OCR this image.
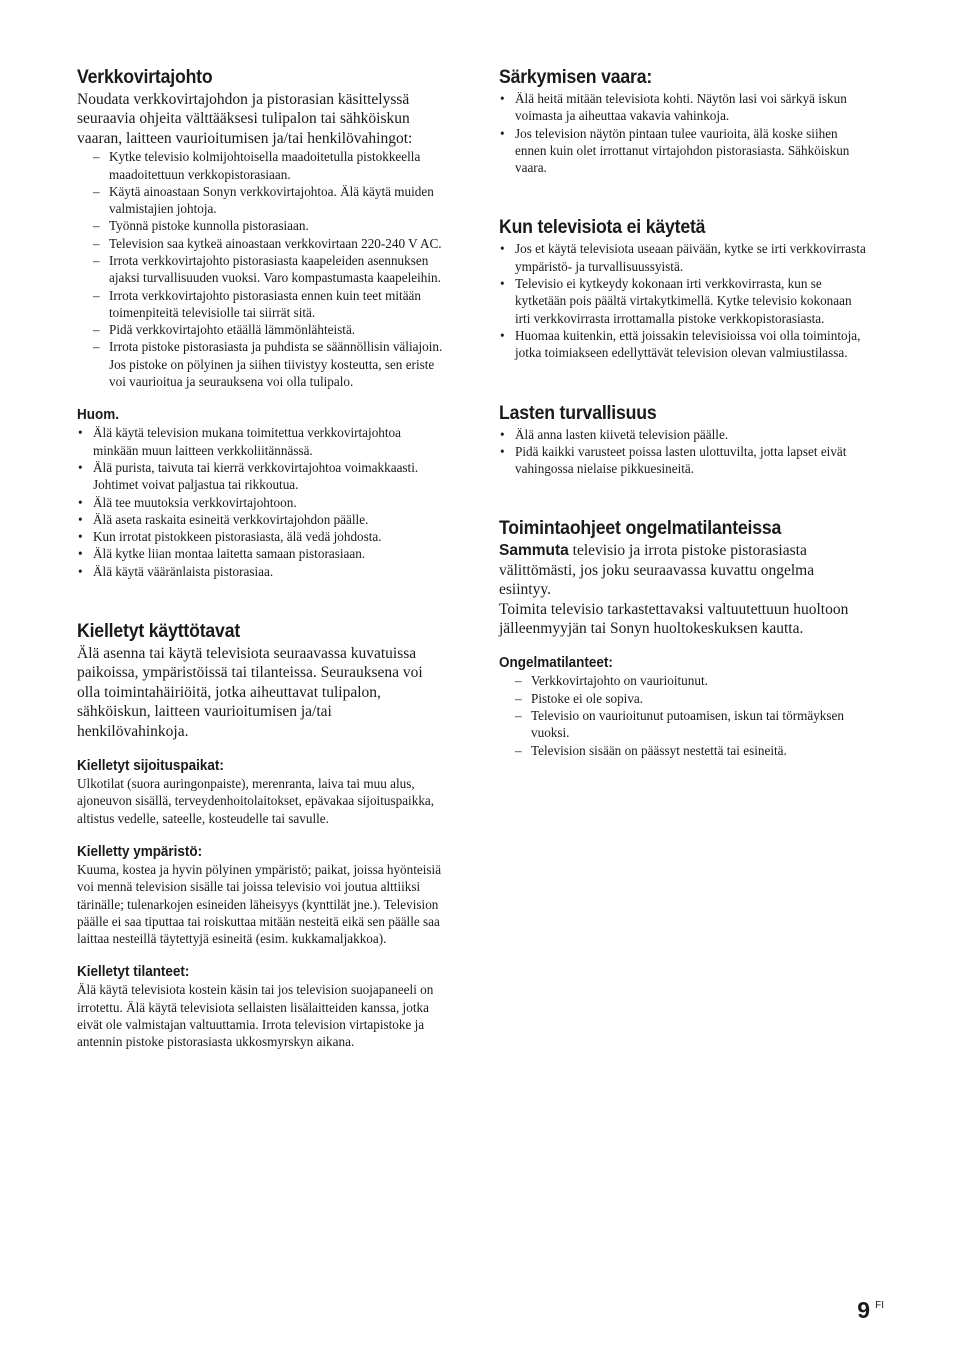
Verkkovirtajohto

Noudata verkkovirtajohdon ja pistorasian käsittelyssä seuraavia ohjeita välttääksesi tulipalon tai sähköiskun vaaran, laitteen vaurioitumisen ja/tai henkilövahingot:

– Kytke televisio kolmijohtoisella maadoitetulla pistokkeella maadoitettuun verkkopistorasiaan.
– Käytä ainoastaan Sonyn verkkovirtajohtoa. Älä käytä muiden valmistajien johtoja.
– Työnnä pistoke kunnolla pistorasiaan.
– Television saa kytkeä ainoastaan verkkovirtaan 220-240 V AC.
– Irrota verkkovirtajohto pistorasiasta kaapeleiden asennuksen ajaksi turvallisuuden vuoksi. Varo kompastumasta kaapeleihin.
– Irrota verkkovirtajohto pistorasiasta ennen kuin teet mitään toimenpiteitä televisiolle tai siirrät sitä.
– Pidä verkkovirtajohto etäällä lämmönlähteistä.
– Irrota pistoke pistorasiasta ja puhdista se säännöllisin väliajoin. Jos pistoke on pölyinen ja siihen tiivistyy kosteutta, sen eriste voi vaurioitua ja seurauksena voi olla tulipalo.
Huom.
• Älä käytä television mukana toimitettua verkkovirtajohtoa minkään muun laitteen verkkoliitännässä.
• Älä purista, taivuta tai kierrä verkkovirtajohtoa voimakkaasti. Johtimet voivat paljastua tai rikkoutua.
• Älä tee muutoksia verkkovirtajohtoon.
• Älä aseta raskaita esineitä verkkovirtajohdon päälle.
• Kun irrotat pistokkeen pistorasiasta, älä vedä johdosta.
• Älä kytke liian montaa laitetta samaan pistorasiaan.
• Älä käytä vääränlaista pistorasiaa.
Kielletyt käyttötavat

Älä asenna tai käytä televisiota seuraavassa kuvatuissa paikoissa, ympäristöissä tai tilanteissa. Seurauksena voi olla toimintahäiriöitä, jotka aiheuttavat tulipalon, sähköiskun, laitteen vaurioitumisen ja/tai henkilövahinkoja.

Kielletyt sijoituspaikat:

Ulkotilat (suora auringonpaiste), merenranta, laiva tai muu alus, ajoneuvon sisällä, terveydenhoitolaitokset, epävakaa sijoituspaikka, altistus vedelle, sateelle, kosteudelle tai savulle.

Kielletty ympäristö:

Kuuma, kostea ja hyvin pölyinen ympäristö; paikat, joissa hyönteisiä voi mennä television sisälle tai joissa televisio voi joutua alttiiksi tärinälle; tulenarkojen esineiden läheisyys (kynttilät jne.). Television päälle ei saa tiputtaa tai roiskuttaa mitään nesteitä eikä sen päälle saa laittaa nesteillä täytettyjä esineitä (esim. kukkamaljakkoa).

Kielletyt tilanteet:

Älä käytä televisiota kostein käsin tai jos television suojapaneeli on irrotettu. Älä käytä televisiota sellaisten lisälaitteiden kanssa, jotka eivät ole valmistajan valtuuttamia. Irrota television virtapistoke ja antennin pistoke pistorasiasta ukkosmyrskyn aikana.

Särkymisen vaara:
• Älä heitä mitään televisiota kohti. Näytön lasi voi särkyä iskun voimasta ja aiheuttaa vakavia vahinkoja.
• Jos television näytön pintaan tulee vaurioita, älä koske siihen ennen kuin olet irrottanut virtajohdon pistorasiasta. Sähköiskun vaara.
Kun televisiota ei käytetä
• Jos et käytä televisiota useaan päivään, kytke se irti verkkovirrasta ympäristö- ja turvallisuussyistä.
• Televisio ei kytkeydy kokonaan irti verkkovirrasta, kun se kytketään pois päältä virtakytkimellä. Kytke televisio kokonaan irti verkkovirrasta irrottamalla pistoke verkkopistorasiasta.
• Huomaa kuitenkin, että joissakin televisioissa voi olla toimintoja, jotka toimiakseen edellyttävät television olevan valmiustilassa.
Lasten turvallisuus
• Älä anna lasten kiivetä television päälle.
• Pidä kaikki varusteet poissa lasten ulottuvilta, jotta lapset eivät vahingossa nielaise pikkuesineitä.
Toimintaohjeet ongelmatilanteissa

Sammuta televisio ja irrota pistoke pistorasiasta välittömästi, jos joku seuraavassa kuvattu ongelma esiintyy.

Toimita televisio tarkastettavaksi valtuutettuun huoltoon jälleenmyyjän tai Sonyn huoltokeskuksen kautta.

Ongelmatilanteet:
– Verkkovirtajohto on vaurioitunut.
– Pistoke ei ole sopiva.
– Televisio on vaurioitunut putoamisen, iskun tai törmäyksen vuoksi.
– Television sisään on päässyt nestettä tai esineitä.
9 FI
